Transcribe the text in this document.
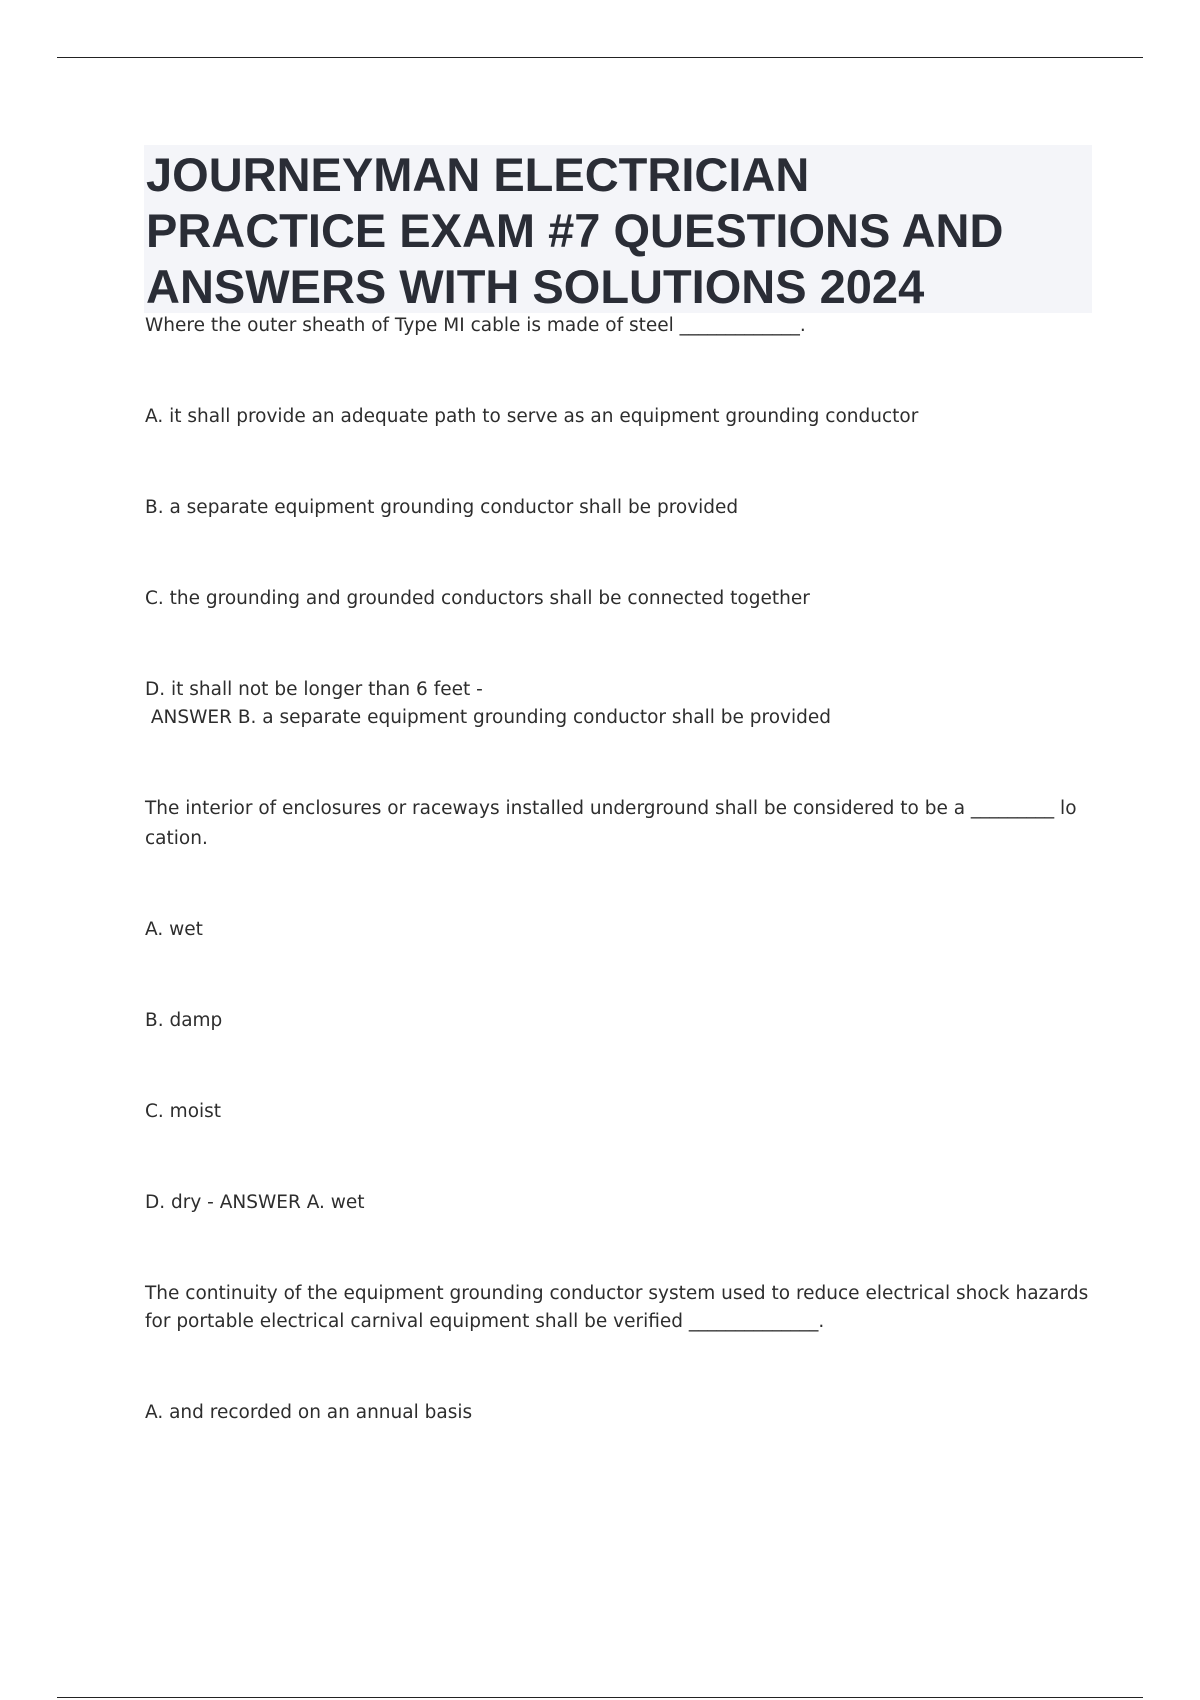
JOURNEYMAN ELECTRICIAN
PRACTICE EXAM #7 QUESTIONS AND
ANSWERS WITH SOLUTIONS 2024

Where the outer sheath of Type MI cable is made of steel _____________.

A. it shall provide an adequate path to serve as an equipment grounding conductor

B. a separate equipment grounding conductor shall be provided

C. the grounding and grounded conductors shall be connected together

D. it shall not be longer than 6 feet -

ANSWER B. a separate equipment grounding conductor shall be provided

The interior of enclosures or raceways installed underground shall be considered to be a _________ lo

cation.

A. wet

B. damp

C. moist

D. dry - ANSWER A. wet

The continuity of the equipment grounding conductor system used to reduce electrical shock hazards

for portable electrical carnival equipment shall be verified ______________.

A. and recorded on an annual basis
